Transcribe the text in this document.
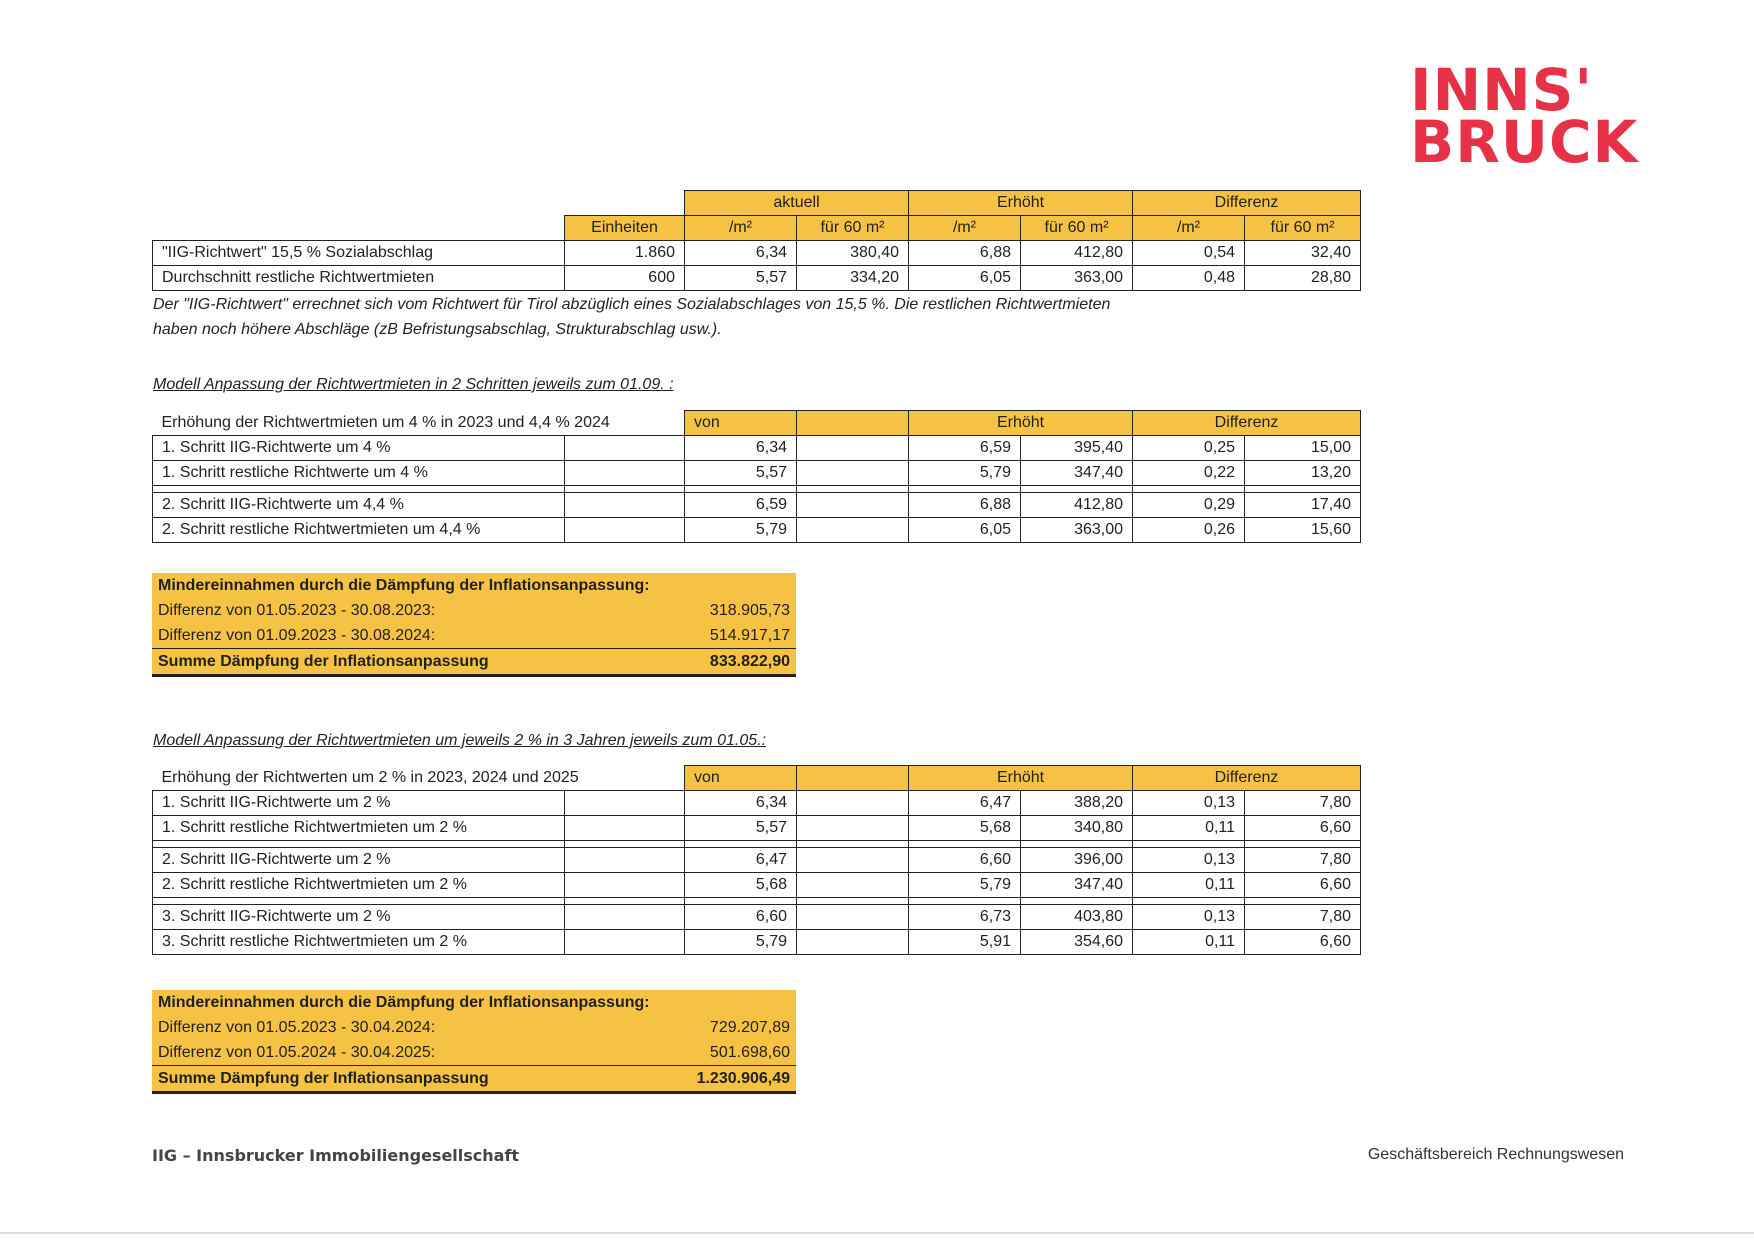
INNS'
BRUCK
		aktuell		Erhöht		Differenz	
	Einheiten	/m²	für 60 m²	/m²	für 60 m²	/m²	für 60 m²
"IIG-Richtwert" 15,5 % Sozialabschlag	1.860	6,34	380,40	6,88	412,80	0,54	32,40
Durchschnitt restliche Richtwertmieten	600	5,57	334,20	6,05	363,00	0,48	28,80
Der "IIG-Richtwert" errechnet sich vom Richtwert für Tirol abzüglich eines Sozialabschlages von 15,5 %. Die restlichen Richtwertmieten
haben noch höhere Abschläge (zB Befristungsabschlag, Strukturabschlag usw.).
Modell Anpassung der Richtwertmieten in 2 Schritten jeweils zum 01.09. :
Erhöhung der Richtwertmieten um 4 % in 2023 und 4,4 % 2024		von		Erhöht		Differenz	
1. Schritt IIG-Richtwerte um 4 %		6,34		6,59	395,40	0,25	15,00
1. Schritt restliche Richtwerte um 4 %		5,57		5,79	347,40	0,22	13,20

2. Schritt IIG-Richtwerte um 4,4 %		6,59		6,88	412,80	0,29	17,40
2. Schritt restliche Richtwertmieten um 4,4 %		5,79		6,05	363,00	0,26	15,60
Mindereinnahmen durch die Dämpfung der Inflationsanpassung:	
Differenz von 01.05.2023 - 30.08.2023:	318.905,73
Differenz von 01.09.2023 - 30.08.2024:	514.917,17
Summe Dämpfung der Inflationsanpassung	833.822,90
Modell Anpassung der Richtwertmieten um jeweils 2 % in 3 Jahren jeweils zum 01.05.:
Erhöhung der Richtwerten um 2 % in 2023, 2024 und 2025		von		Erhöht		Differenz	
1. Schritt IIG-Richtwerte um 2 %		6,34		6,47	388,20	0,13	7,80
1. Schritt restliche Richtwertmieten um 2 %		5,57		5,68	340,80	0,11	6,60

2. Schritt IIG-Richtwerte um 2 %		6,47		6,60	396,00	0,13	7,80
2. Schritt restliche Richtwertmieten um 2 %		5,68		5,79	347,40	0,11	6,60

3. Schritt IIG-Richtwerte um 2 %		6,60		6,73	403,80	0,13	7,80
3. Schritt restliche Richtwertmieten um 2 %		5,79		5,91	354,60	0,11	6,60
Mindereinnahmen durch die Dämpfung der Inflationsanpassung:	
Differenz von 01.05.2023 - 30.04.2024:	729.207,89
Differenz von 01.05.2024 - 30.04.2025:	501.698,60
Summe Dämpfung der Inflationsanpassung	1.230.906,49
IIG – Innsbrucker Immobiliengesellschaft	Geschäftsbereich Rechnungswesen
